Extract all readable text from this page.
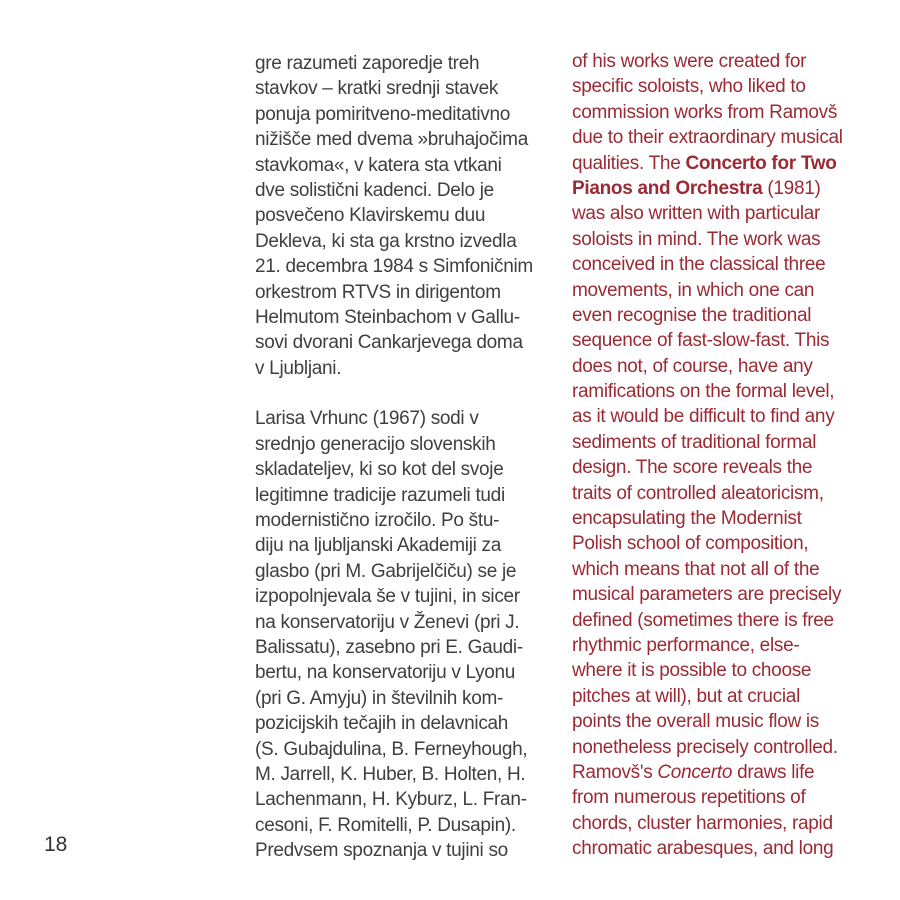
18
gre razumeti zaporedje treh
stavkov – kratki srednji stavek
ponuja pomiritveno-meditativno
nižišče med dvema »bruhajočima
stavkoma«, v katera sta vtkani
dve solistični kadenci. Delo je
posvečeno Klavirskemu duu
Dekleva, ki sta ga krstno izvedla
21. decembra 1984 s Simfoničnim
orkestrom RTVS in dirigentom
Helmutom Steinbachom v Gallu-
sovi dvorani Cankarjevega doma
v Ljubljani.

Larisa Vrhunc (1967) sodi v
srednjo generacijo slovenskih
skladateljev, ki so kot del svoje
legitimne tradicije razumeli tudi
modernistično izročilo. Po štu-
diju na ljubljanski Akademiji za
glasbo (pri M. Gabrijelčiču) se je
izpopolnjevala še v tujini, in sicer
na konservatoriju v Ženevi (pri J.
Balissatu), zasebno pri E. Gaudi-
bertu, na konservatoriju v Lyonu
(pri G. Amyju) in številnih kom-
pozicijskih tečajih in delavnicah
(S. Gubajdulina, B. Ferneyhough,
M. Jarrell, K. Huber, B. Holten, H.
Lachenmann, H. Kyburz, L. Fran-
cesoni, F. Romitelli, P. Dusapin).
Predvsem spoznanja v tujini so
of his works were created for
specific soloists, who liked to
commission works from Ramovš
due to their extraordinary musical
qualities. The Concerto for Two
Pianos and Orchestra (1981)
was also written with particular
soloists in mind. The work was
conceived in the classical three
movements, in which one can
even recognise the traditional
sequence of fast-slow-fast. This
does not, of course, have any
ramifications on the formal level,
as it would be difficult to find any
sediments of traditional formal
design. The score reveals the
traits of controlled aleatoricism,
encapsulating the Modernist
Polish school of composition,
which means that not all of the
musical parameters are precisely
defined (sometimes there is free
rhythmic performance, else-
where it is possible to choose
pitches at will), but at crucial
points the overall music flow is
nonetheless precisely controlled.
Ramovš's Concerto draws life
from numerous repetitions of
chords, cluster harmonies, rapid
chromatic arabesques, and long
